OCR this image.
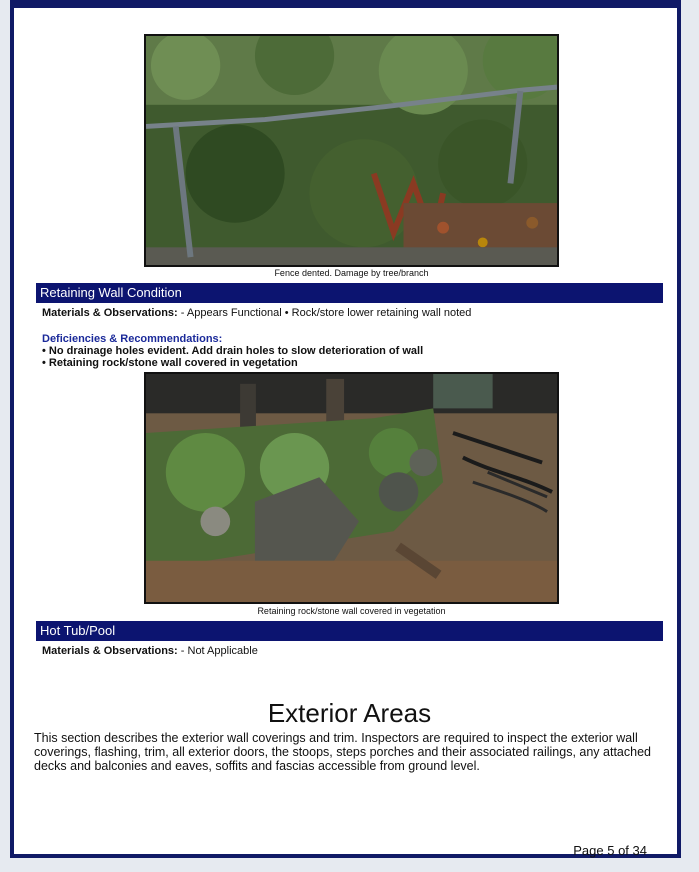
Fence dented. Damage by tree/branch
Retaining Wall Condition
Materials & Observations: - Appears Functional • Rock/store lower retaining wall noted
Deficiencies & Recommendations:
• No drainage holes evident. Add drain holes to slow deterioration of wall
• Retaining rock/stone wall covered in vegetation
Retaining rock/stone wall covered in vegetation
Hot Tub/Pool
Materials & Observations: - Not Applicable
Exterior Areas
This section describes the exterior wall coverings and trim. Inspectors are required to inspect the exterior wall coverings, flashing, trim, all exterior doors, the stoops, steps porches and their associated railings, any attached decks and balconies and eaves, soffits and fascias accessible from ground level.
Page 5 of 34
